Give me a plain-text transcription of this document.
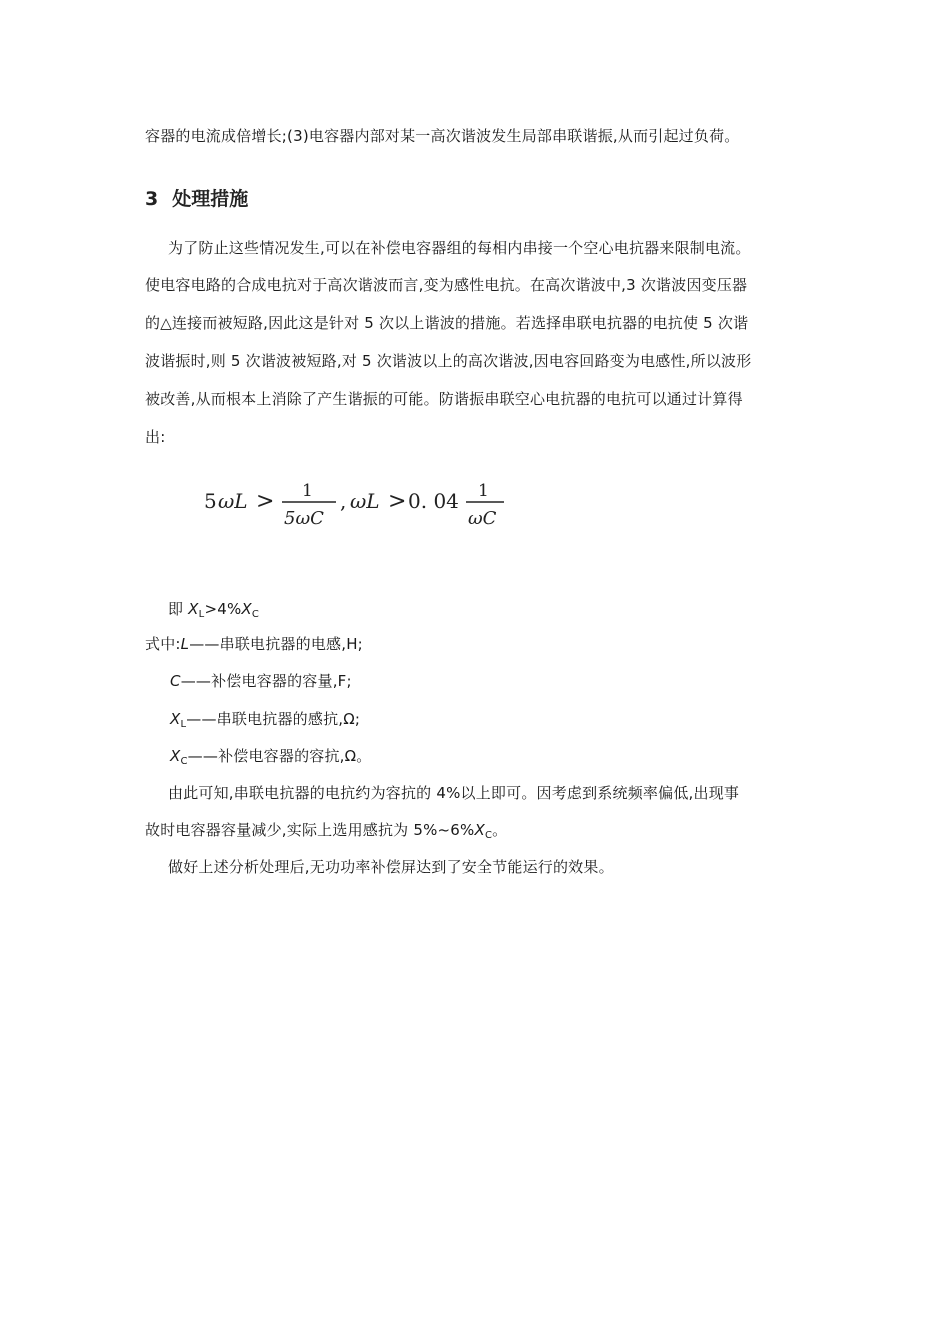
容器的电流成倍增长;(3)电容器内部对某一高次谐波发生局部串联谐振,从而引起过负荷。
3 处理措施
为了防止这些情况发生,可以在补偿电容器组的每相内串接一个空心电抗器来限制电流。
使电容电路的合成电抗对于高次谐波而言,变为感性电抗。在高次谐波中,3 次谐波因变压器
的△连接而被短路,因此这是针对 5 次以上谐波的措施。若选择串联电抗器的电抗使 5 次谐
波谐振时,则 5 次谐波被短路,对 5 次谐波以上的高次谐波,因电容回路变为电感性,所以波形
被改善,从而根本上消除了产生谐振的可能。防谐振串联空心电抗器的电抗可以通过计算得
出:
5 ωL > 1
5ωC
, ωL > 0. 04 1
ωC
即 $X_L>4\%X_C$
式中:L——串联电抗器的电感,H;
C——补偿电容器的容量,F;
$X_L——$串联电抗器的感抗,Ω;
$X_C——$补偿电容器的容抗,Ω。
由此可知,串联电抗器的电抗约为容抗的 4%以上即可。因考虑到系统频率偏低,出现事
故时电容器容量减少,实际上选用感抗为 $5\%\sim 6\%X_C$。
做好上述分析处理后,无功功率补偿屏达到了安全节能运行的效果。
